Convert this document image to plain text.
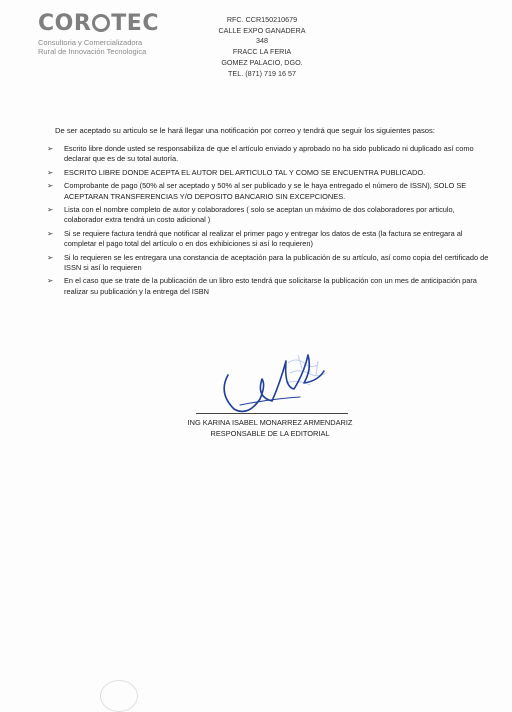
COR TEC
Consultoria y Comercializadora
Rural de Innovación Tecnologica
RFC. CCR150210679
CALLE EXPO GANADERA 348
FRACC LA FERIA
GOMEZ PALACIO, DGO.
TEL. (871) 719 16 57
De ser aceptado su articulo se le hará llegar una notificación por correo y tendrá que seguir los siguientes pasos:
➢ Escrito libre donde usted se responsabiliza de que el artículo enviado y aprobado no ha sido publicado ni duplicado así como declarar que es de su total autoría.
➢ ESCRITO LIBRE DONDE ACEPTA EL AUTOR DEL ARTICULO TAL Y COMO SE ENCUENTRA PUBLICADO.
➢ Comprobante de pago (50% al ser aceptado y 50% al ser publicado y se le haya entregado el número de ISSN), SOLO SE ACEPTARAN TRANSFERENCIAS Y/O DEPOSITO BANCARIO SIN EXCEPCIONES.
➢ Lista con el nombre completo de autor y colaboradores ( solo se aceptan un máximo de dos colaboradores por articulo, colaborador extra tendrá un costo adicional )
➢ Si se requiere factura tendrá que notificar al realizar el primer pago y entregar los datos de esta (la factura se entregara al completar el pago total del artículo o en dos exhibiciones si así lo requieren)
➢ Si lo requieren se les entregara una constancia de aceptación para la publicación de su artículo, así como copia del certificado de ISSN si así lo requieren
➢ En el caso que se trate de la publicación de un libro esto tendrá que solicitarse la publicación con un mes de anticipación para realizar su publicación y la entrega del ISBN
ING KARINA ISABEL MONARREZ ARMENDARIZ
RESPONSABLE DE LA EDITORIAL
